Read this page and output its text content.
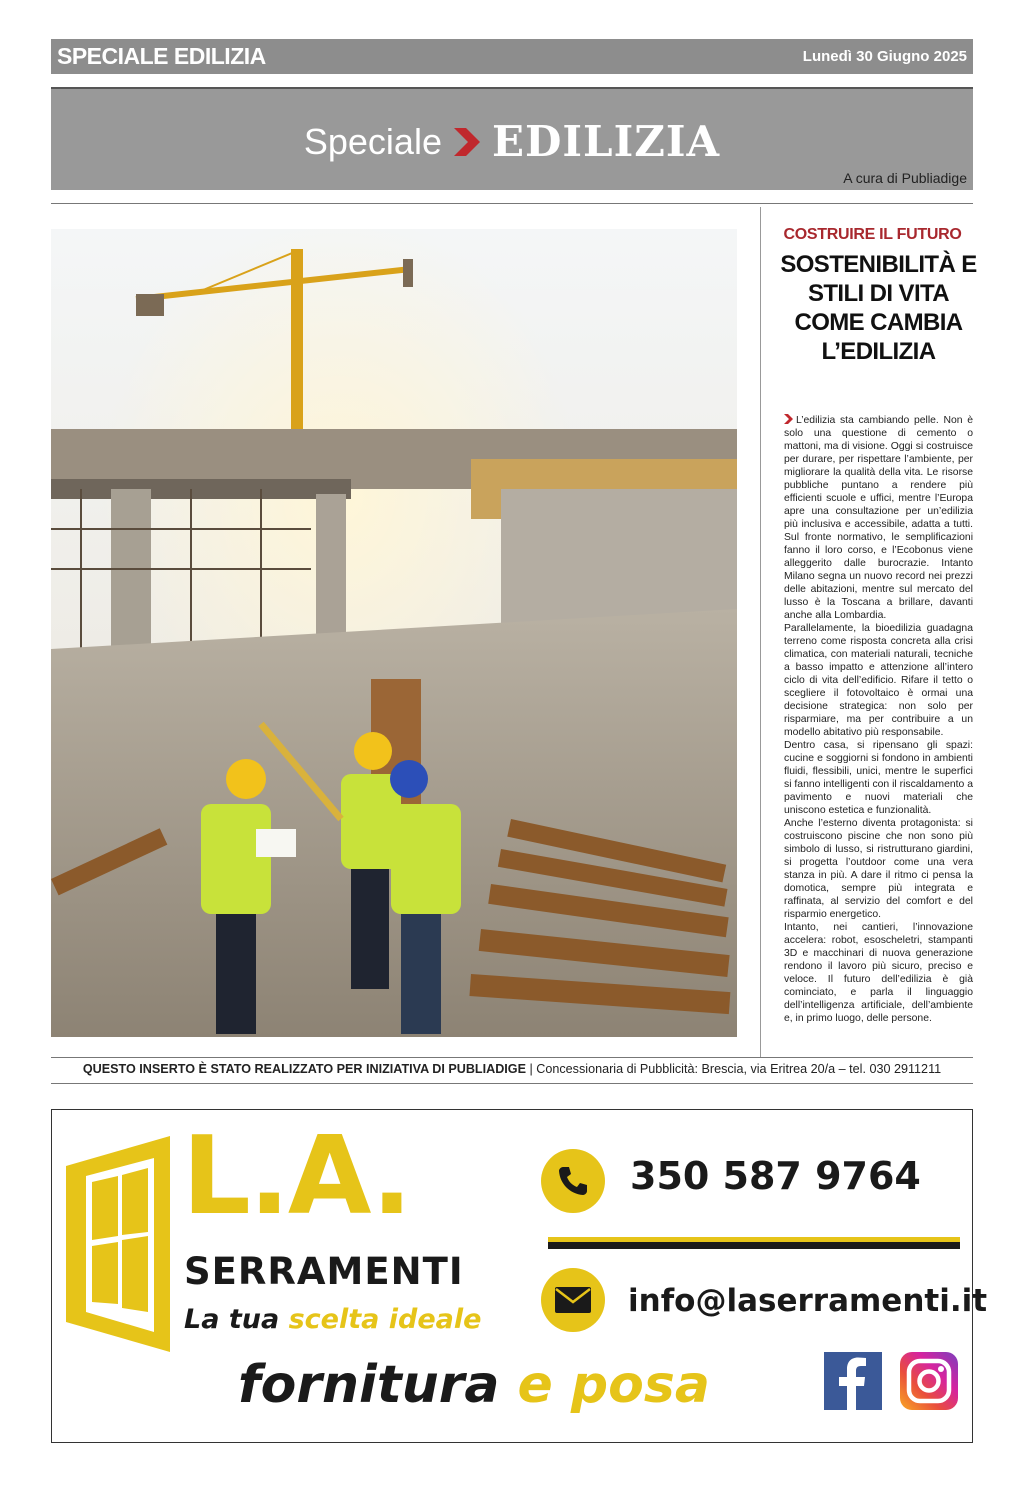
SPECIALE EDILIZIA	Lunedì 30 Giugno 2025
Speciale EDILIZIA
A cura di Publiadige
COSTRUIRE IL FUTURO
SOSTENIBILITÀ E STILI DI VITA COME CAMBIA L’EDILIZIA

L’edilizia sta cambiando pelle. Non è solo una questione di cemento o mattoni, ma di visione. Oggi si costruisce per durare, per rispettare l’ambiente, per migliorare la qualità della vita. Le risorse pubbliche puntano a rendere più efficienti scuole e uffici, mentre l’Europa apre una consultazione per un’edilizia più inclusiva e accessibile, adatta a tutti. Sul fronte normativo, le semplificazioni fanno il loro corso, e l’Ecobonus viene alleggerito dalle burocrazie. Intanto Milano segna un nuovo record nei prezzi delle abitazioni, mentre sul mercato del lusso è la Toscana a brillare, davanti anche alla Lombardia.

Parallelamente, la bioedilizia guadagna terreno come risposta concreta alla crisi climatica, con materiali naturali, tecniche a basso impatto e attenzione all’intero ciclo di vita dell’edificio. Rifare il tetto o scegliere il fotovoltaico è ormai una decisione strategica: non solo per risparmiare, ma per contribuire a un modello abitativo più responsabile.

Dentro casa, si ripensano gli spazi: cucine e soggiorni si fondono in ambienti fluidi, flessibili, unici, mentre le superfici si fanno intelligenti con il riscaldamento a pavimento e nuovi materiali che uniscono estetica e funzionalità.

Anche l’esterno diventa protagonista: si costruiscono piscine che non sono più simbolo di lusso, si ristrutturano giardini, si progetta l’outdoor come una vera stanza in più. A dare il ritmo ci pensa la domotica, sempre più integrata e raffinata, al servizio del comfort e del risparmio energetico.

Intanto, nei cantieri, l’innovazione accelera: robot, esoscheletri, stampanti 3D e macchinari di nuova generazione rendono il lavoro più sicuro, preciso e veloce. Il futuro dell’edilizia è già cominciato, e parla il linguaggio dell’intelligenza artificiale, dell’ambiente e, in primo luogo, delle persone.

QUESTO INSERTO È STATO REALIZZATO PER INIZIATIVA DI PUBLIADIGE | Concessionaria di Pubblicità: Brescia, via Eritrea 20/a – tel. 030 2911211
L.A.
SERRAMENTI
La tua scelta ideale
fornitura e posa
350 587 9764
info@laserramenti.it
